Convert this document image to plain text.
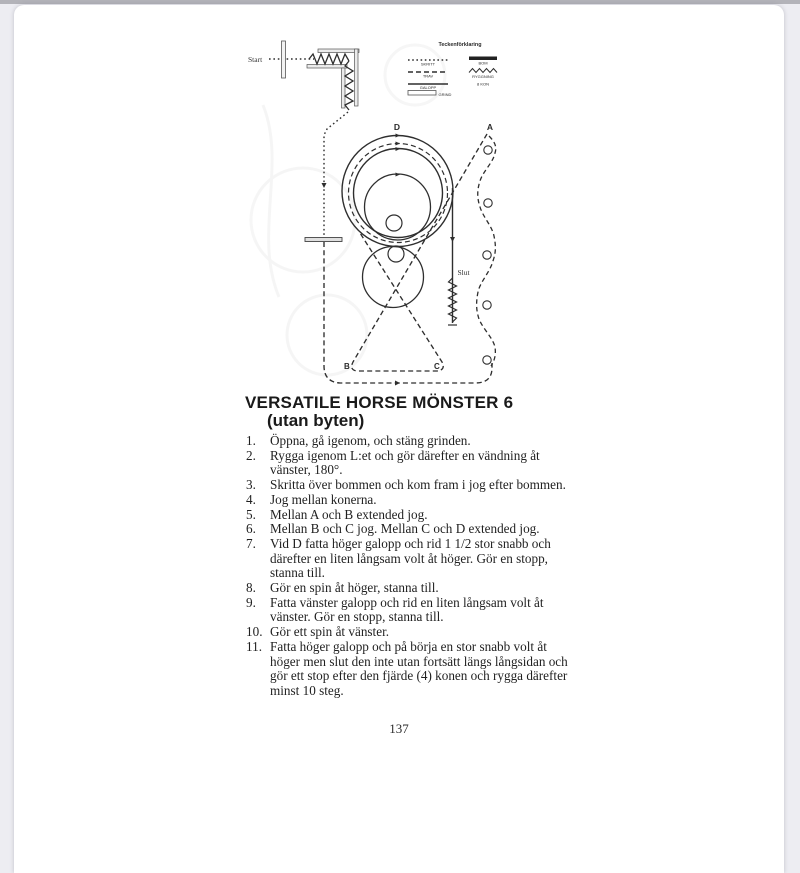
Start
Slut
D	A
B	C
Teckenförklaring
SKRITT
TRAV
GALOPP
GRIND
BOM
RYGGNING
8 KON
VERSATILE HORSE MÖNSTER 6
(utan byten)
1.	Öppna, gå igenom, och stäng grinden.
2.	Rygga igenom L:et och gör därefter en vändning åt vänster, 180°.
3.	Skritta över bommen och kom fram i jog efter bommen.
4.	Jog mellan konerna.
5.	Mellan A och B extended jog.
6.	Mellan B och C jog. Mellan C och D extended jog.
7.	Vid D fatta höger galopp och rid 1 1/2 stor snabb och därefter en liten långsam volt åt höger. Gör en stopp, stanna till.
8.	Gör en spin åt höger, stanna till.
9.	Fatta vänster galopp och rid en liten långsam volt åt vänster. Gör en stopp, stanna till.
10. Gör ett spin åt vänster.
11. Fatta höger galopp och på börja en stor snabb volt åt höger men slut den inte utan fortsätt längs långsidan och gör ett stop efter den fjärde (4) konen och rygga därefter minst 10 steg.
137
